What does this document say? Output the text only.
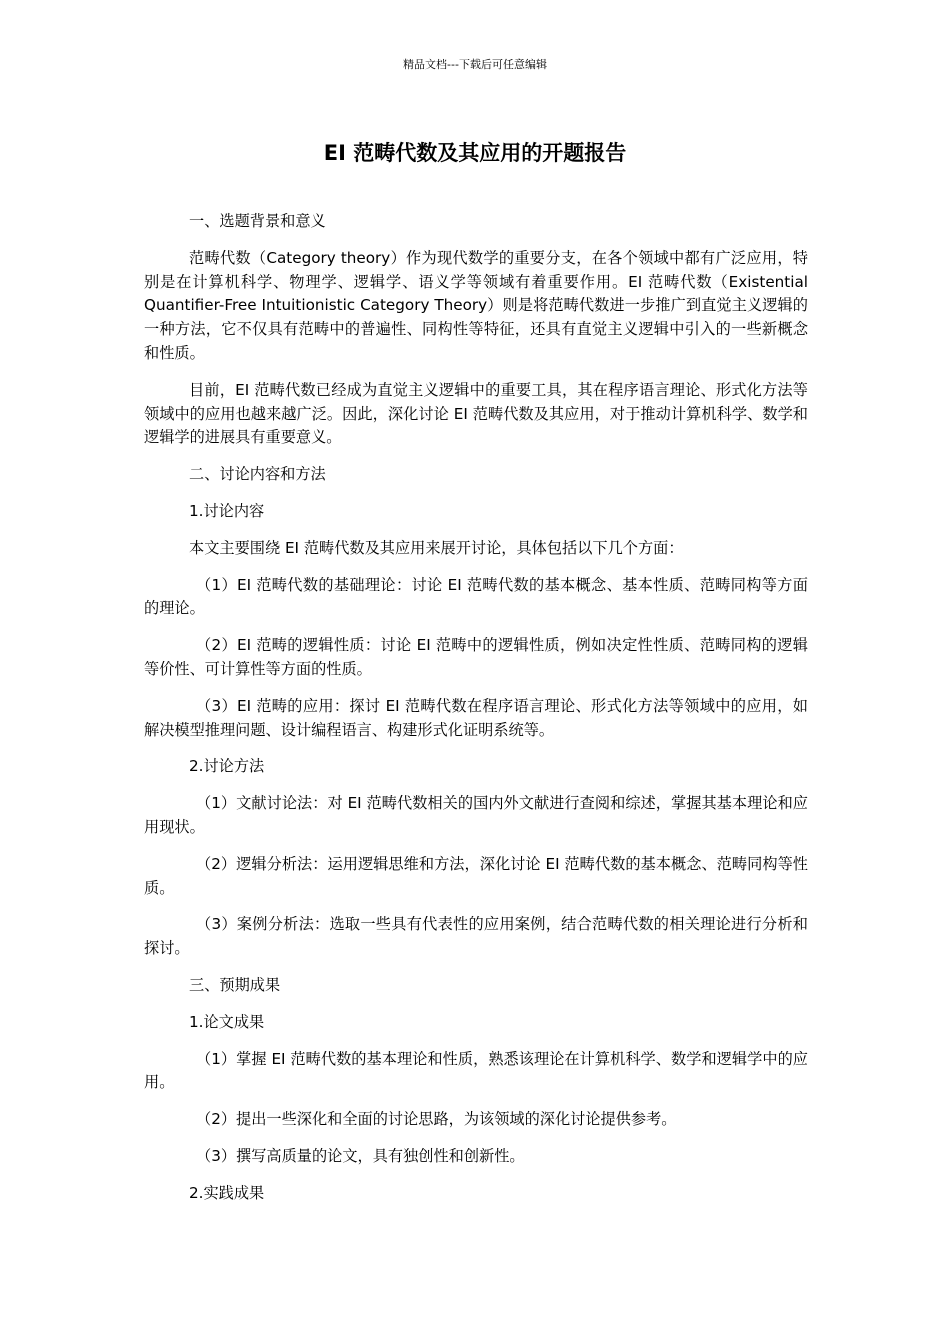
精品文档---下载后可任意编辑
EI 范畴代数及其应用的开题报告

一、选题背景和意义

范畴代数（Category theory）作为现代数学的重要分支，在各个领域中都有广泛应用，特别是在计算机科学、物理学、逻辑学、语义学等领域有着重要作用。EI 范畴代数（Existential Quantifier-Free Intuitionistic Category Theory）则是将范畴代数进一步推广到直觉主义逻辑的一种方法，它不仅具有范畴中的普遍性、同构性等特征，还具有直觉主义逻辑中引入的一些新概念和性质。

目前，EI 范畴代数已经成为直觉主义逻辑中的重要工具，其在程序语言理论、形式化方法等领域中的应用也越来越广泛。因此，深化讨论 EI 范畴代数及其应用，对于推动计算机科学、数学和逻辑学的进展具有重要意义。

二、讨论内容和方法

1.讨论内容

本文主要围绕 EI 范畴代数及其应用来展开讨论，具体包括以下几个方面：

（1）EI 范畴代数的基础理论：讨论 EI 范畴代数的基本概念、基本性质、范畴同构等方面的理论。

（2）EI 范畴的逻辑性质：讨论 EI 范畴中的逻辑性质，例如决定性性质、范畴同构的逻辑等价性、可计算性等方面的性质。

（3）EI 范畴的应用：探讨 EI 范畴代数在程序语言理论、形式化方法等领域中的应用，如解决模型推理问题、设计编程语言、构建形式化证明系统等。

2.讨论方法

（1）文献讨论法：对 EI 范畴代数相关的国内外文献进行查阅和综述，掌握其基本理论和应用现状。

（2）逻辑分析法：运用逻辑思维和方法，深化讨论 EI 范畴代数的基本概念、范畴同构等性质。

（3）案例分析法：选取一些具有代表性的应用案例，结合范畴代数的相关理论进行分析和探讨。

三、预期成果

1.论文成果

（1）掌握 EI 范畴代数的基本理论和性质，熟悉该理论在计算机科学、数学和逻辑学中的应用。

（2）提出一些深化和全面的讨论思路，为该领域的深化讨论提供参考。

（3）撰写高质量的论文，具有独创性和创新性。

2.实践成果
